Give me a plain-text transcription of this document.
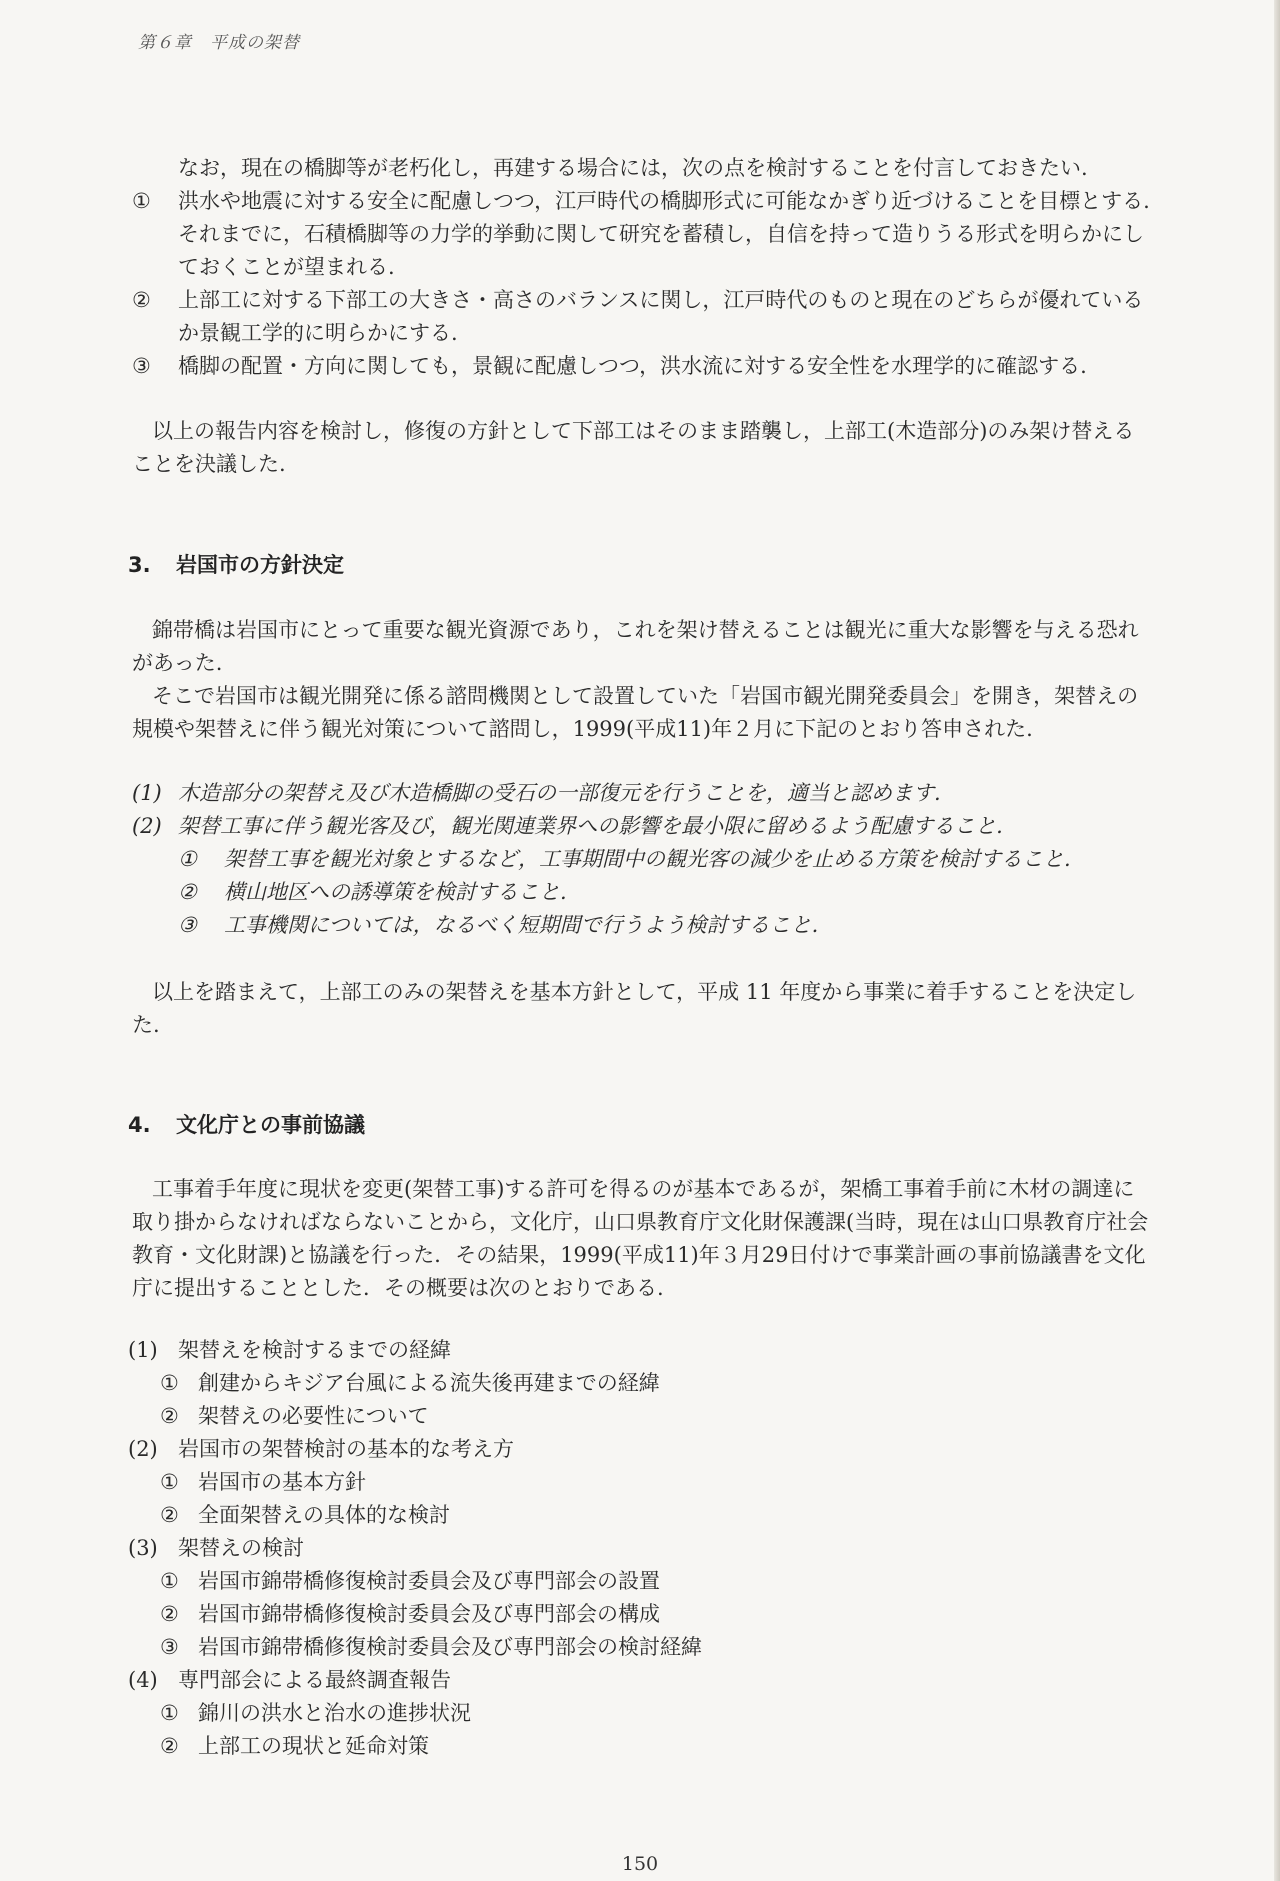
第６章　平成の架替
なお，現在の橋脚等が老朽化し，再建する場合には，次の点を検討することを付言しておきたい.
① 洪水や地震に対する安全に配慮しつつ，江戸時代の橋脚形式に可能なかぎり近づけることを目標とする.
それまでに，石積橋脚等の力学的挙動に関して研究を蓄積し，自信を持って造りうる形式を明らかにし
ておくことが望まれる.
② 上部工に対する下部工の大きさ・高さのバランスに関し，江戸時代のものと現在のどちらが優れている
か景観工学的に明らかにする.
③ 橋脚の配置・方向に関しても，景観に配慮しつつ，洪水流に対する安全性を水理学的に確認する.
以上の報告内容を検討し，修復の方針として下部工はそのまま踏襲し，上部工(木造部分)のみ架け替える
ことを決議した.
3. 岩国市の方針決定
錦帯橋は岩国市にとって重要な観光資源であり，これを架け替えることは観光に重大な影響を与える恐れ
があった.
そこで岩国市は観光開発に係る諮問機関として設置していた「岩国市観光開発委員会」を開き，架替えの
規模や架替えに伴う観光対策について諮問し，1999(平成11)年２月に下記のとおり答申された.
(1) 木造部分の架替え及び木造橋脚の受石の一部復元を行うことを，適当と認めます.
(2) 架替工事に伴う観光客及び，観光関連業界への影響を最小限に留めるよう配慮すること.
① 架替工事を観光対象とするなど，工事期間中の観光客の減少を止める方策を検討すること.
② 横山地区への誘導策を検討すること.
③ 工事機関については，なるべく短期間で行うよう検討すること.
以上を踏まえて，上部工のみの架替えを基本方針として，平成 11 年度から事業に着手することを決定し
た.
4. 文化庁との事前協議
工事着手年度に現状を変更(架替工事)する許可を得るのが基本であるが，架橋工事着手前に木材の調達に
取り掛からなければならないことから，文化庁，山口県教育庁文化財保護課(当時，現在は山口県教育庁社会
教育・文化財課)と協議を行った．その結果，1999(平成11)年３月29日付けで事業計画の事前協議書を文化
庁に提出することとした．その概要は次のとおりである.
(1) 架替えを検討するまでの経緯
① 創建からキジア台風による流失後再建までの経緯
② 架替えの必要性について
(2) 岩国市の架替検討の基本的な考え方
① 岩国市の基本方針
② 全面架替えの具体的な検討
(3) 架替えの検討
① 岩国市錦帯橋修復検討委員会及び専門部会の設置
② 岩国市錦帯橋修復検討委員会及び専門部会の構成
③ 岩国市錦帯橋修復検討委員会及び専門部会の検討経緯
(4) 専門部会による最終調査報告
① 錦川の洪水と治水の進捗状況
② 上部工の現状と延命対策
150
